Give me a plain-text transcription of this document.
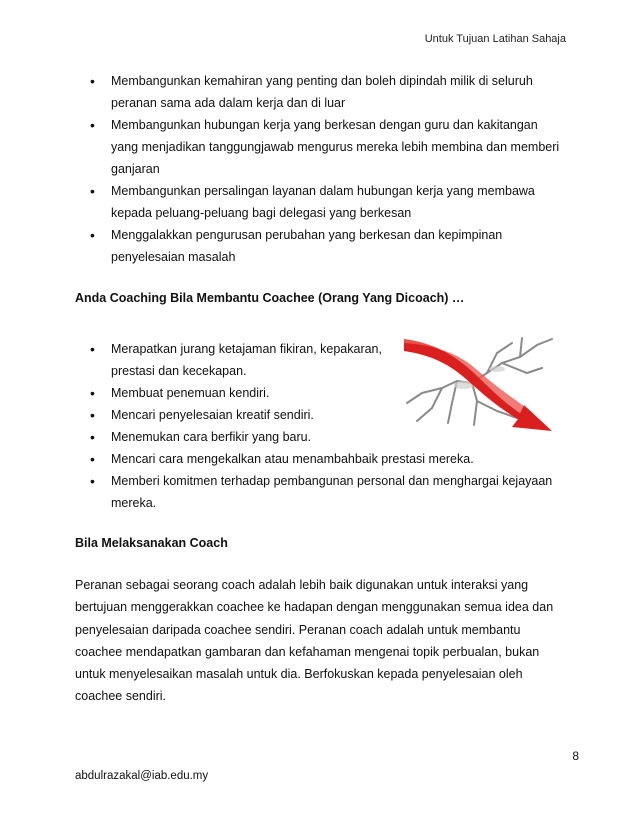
Untuk Tujuan Latihan Sahaja
• Membangunkan kemahiran yang penting dan boleh dipindah milik di seluruh
peranan sama ada dalam kerja dan di luar
• Membangunkan hubungan kerja yang berkesan dengan guru dan kakitangan
yang menjadikan tanggungjawab mengurus mereka lebih membina dan memberi
ganjaran
• Membangunkan persalingan layanan dalam hubungan kerja yang membawa
kepada peluang-peluang bagi delegasi yang berkesan
• Menggalakkan pengurusan perubahan yang berkesan dan kepimpinan
penyelesaian masalah
Anda Coaching Bila Membantu Coachee (Orang Yang Dicoach) …
• Merapatkan jurang ketajaman fikiran, kepakaran,
prestasi dan kecekapan.
• Membuat penemuan kendiri.
• Mencari penyelesaian kreatif sendiri.
• Menemukan cara berfikir yang baru.
• Mencari cara mengekalkan atau menambahbaik prestasi mereka.
• Memberi komitmen terhadap pembangunan personal dan menghargai kejayaan
mereka.
Bila Melaksanakan Coach
Peranan sebagai seorang coach adalah lebih baik digunakan untuk interaksi yang
bertujuan menggerakkan coachee ke hadapan dengan menggunakan semua idea dan
penyelesaian daripada coachee sendiri. Peranan coach adalah untuk membantu
coachee mendapatkan gambaran dan kefahaman mengenai topik perbualan, bukan
untuk menyelesaikan masalah untuk dia. Berfokuskan kepada penyelesaian oleh
coachee sendiri.
8
abdulrazakal@iab.edu.my
